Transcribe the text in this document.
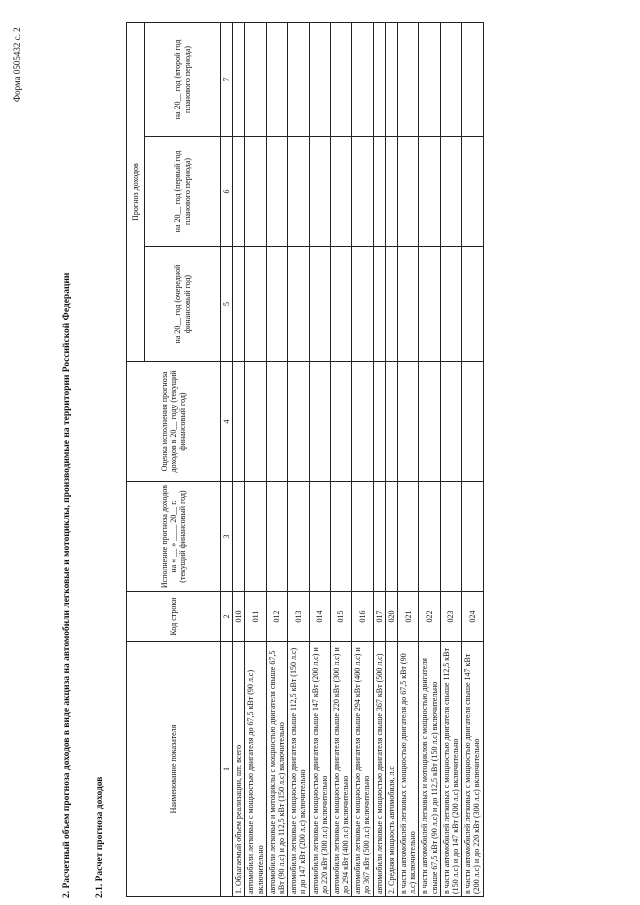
Форма 0505432 с. 2
2. Расчетный объем прогноза доходов в виде акциза на автомобили легковые и мотоциклы, производимые на территории Российской Федерации 2.1. Расчет прогноза доходов
Наименование показателя	Код строки	Исполнение прогноза доходов на « __ » ____ 20__ г. (текущий финансовый год)	Оценка исполнения прогноза доходов в 20__ году (текущий финансовый год)	Прогноз доходов		
				на 20__ год (очередной финансовый год)	на 20__ год (первый год планового периода)	на 20__ год (второй год планового периода)
1	2	3	4	5	6	7
1. Облагаемый объем реализации, шт. всего	010					
автомобили легковые с мощностью двигателя до 67,5 кВт (90 л.с) включительно	011					
автомобили легковые и мотоциклы с мощностью двигателя свыше 67,5 кВт (90 л.с) и до 112,5 кВт (150 л.с) включительно	012					
автомобили легковые с мощностью двигателя свыше 112,5 кВт (150 л.с) и до 147 кВт (200 л.с) включительно	013					
автомобили легковые с мощностью двигателя свыше 147 кВт (200 л.с) и до 220 кВт (300 л.с) включительно	014					
автомобили легковые с мощностью двигателя свыше 220 кВт (300 л.с) и до 294 кВт (400 л.с) включительно	015					
автомобили легковые с мощностью двигателя свыше 294 кВт (400 л.с) и до 367 кВт (500 л.с) включительно	016					
автомобили легковые с мощностью двигателя свыше 367 кВт (500 л.с)	017					
2. Средняя мощность автомобиля, л.с	020					
в части автомобилей легковых с мощностью двигателя до 67,5 кВт (90 л.с) включительно	021					
в части автомобилей легковых и мотоциклов с мощностью двигателя свыше 67,5 кВт (90 л.с) и до 112,5 кВт (150 л.с) включительно	022					
в части автомобилей легковых с мощностью двигателя свыше 112,5 кВт (150 л.с) и до 147 кВт (200 л.с) включительно	023					
в части автомобилей легковых с мощностью двигателя свыше 147 кВт (200 л.с) и до 220 кВт (300 л.с) включительно	024					
